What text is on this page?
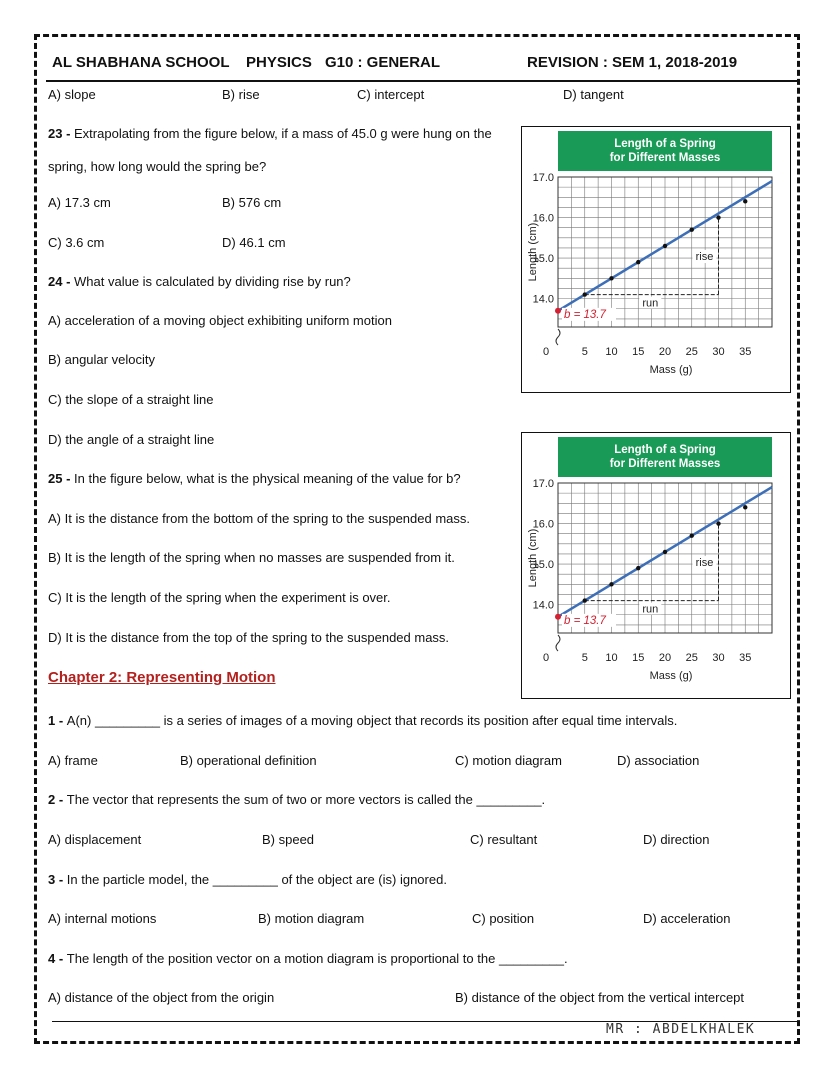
AL SHABHANA SCHOOL PHYSICS G10 : GENERAL	REVISION : SEM 1, 2018-2019
A) slope	B) rise	C) intercept	D) tangent
23 - Extrapolating from the figure below, if a mass of 45.0 g were hung on the
spring, how long would the spring be?
A) 17.3 cm	B) 576 cm
C) 3.6 cm	D) 46.1 cm
24 - What value is calculated by dividing rise by run?
A) acceleration of a moving object exhibiting uniform motion
B) angular velocity
C) the slope of a straight line
D) the angle of a straight line
25 - In the figure below, what is the physical meaning of the value for b?
A) It is the distance from the bottom of the spring to the suspended mass.
B) It is the length of the spring when no masses are suspended from it.
C) It is the length of the spring when the experiment is over.
D) It is the distance from the top of the spring to the suspended mass.
Chapter 2: Representing Motion
1 - A(n) _________ is a series of images of a moving object that records its position after equal time intervals.
A) frame	B) operational definition	C) motion diagram	D) association
2 - The vector that represents the sum of two or more vectors is called the _________.
A) displacement	B) speed	C) resultant	D) direction
3 - In the particle model, the _________ of the object are (is) ignored.
A) internal motions	B) motion diagram	C) position	D) acceleration
4 - The length of the position vector on a motion diagram is proportional to the _________.
A) distance of the object from the origin	B) distance of the object from the vertical intercept
MR : ABDELKHALEK
Length of a Spring
for Different Masses
14.0
15.0
16.0
17.0
0	5 10 15 20 25 30 35
Mass (g)
Length (cm)
run
rise
b = 13.7
Length of a Spring
for Different Masses
14.0
15.0
16.0
17.0
0	5 10 15 20 25 30 35
Mass (g)
Length (cm)
run
rise
b = 13.7
